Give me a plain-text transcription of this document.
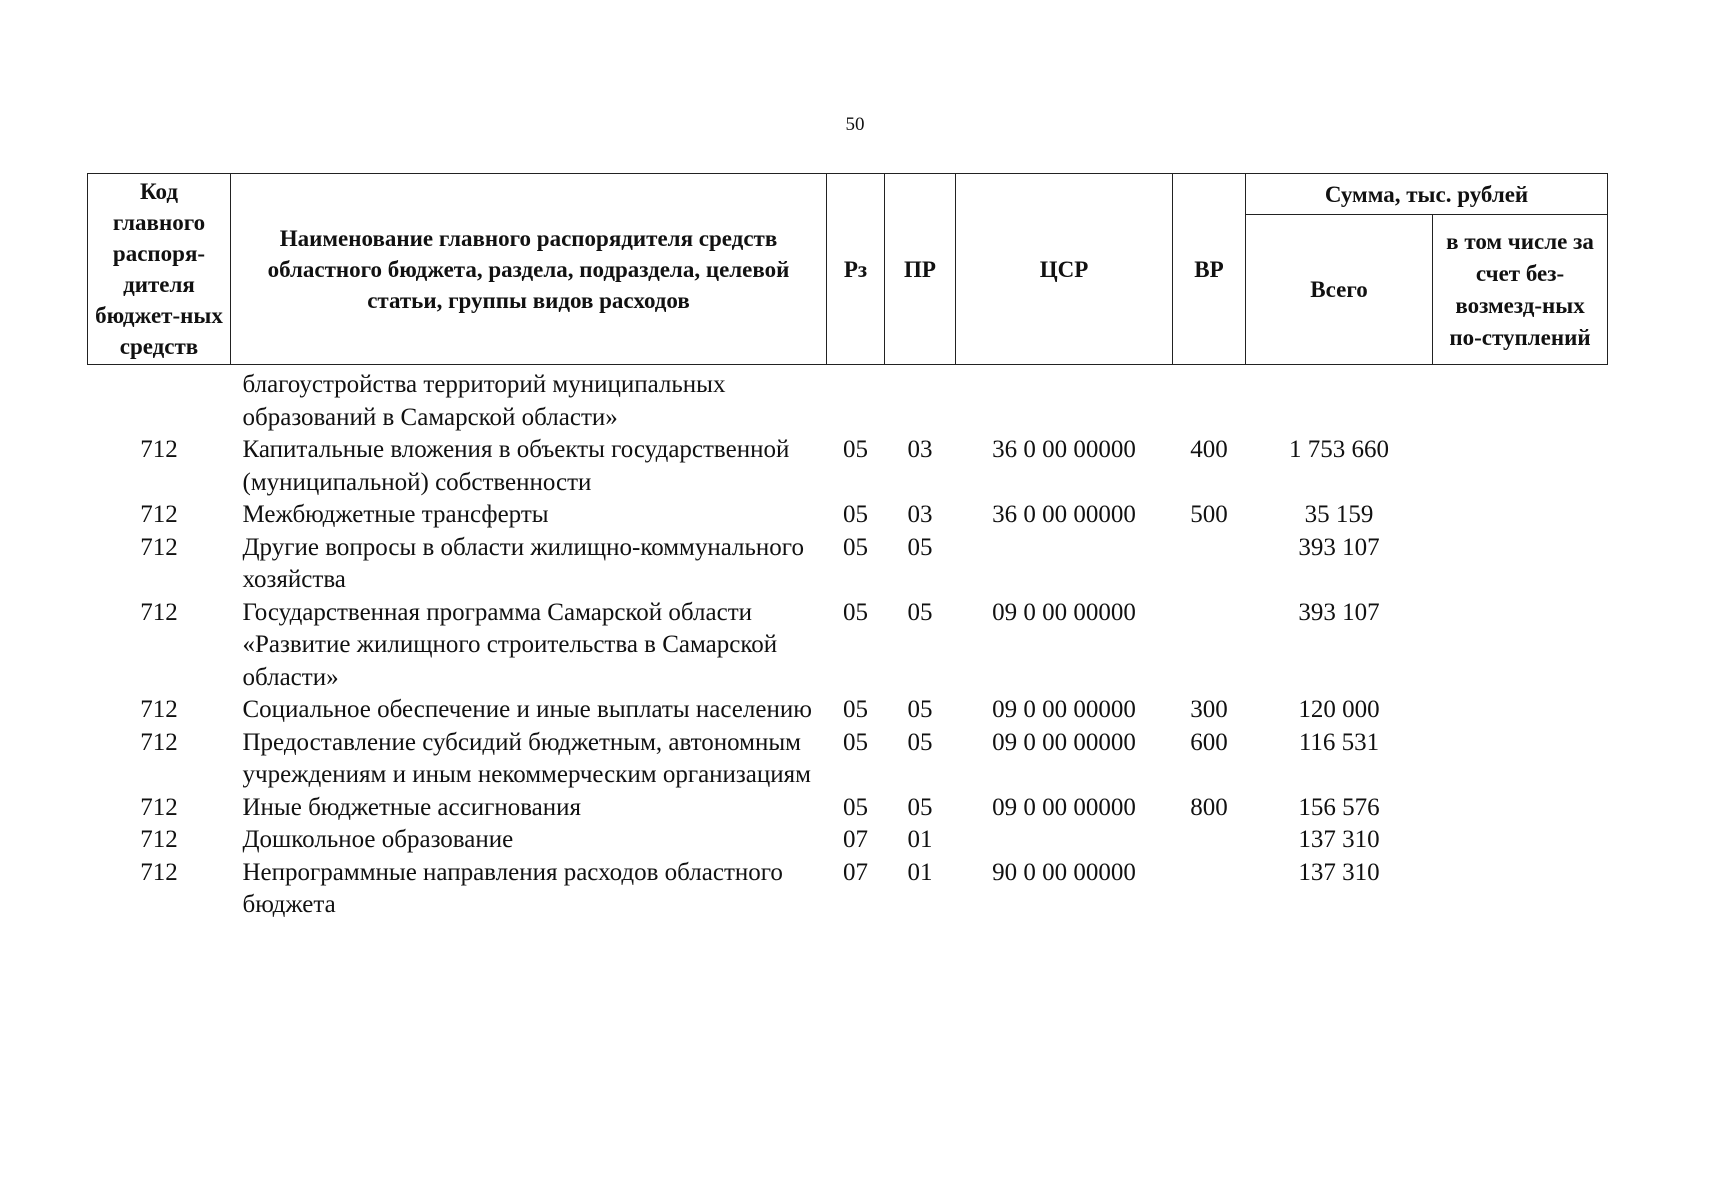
50
Код главного распоря-дителя бюджет-ных средств	Наименование главного распорядителя средств областного бюджета, раздела, подраздела, целевой статьи, группы видов расходов	Рз	ПР	ЦСР	ВР	Сумма, тыс. рублей	
						Всего	в том числе за счет без-возмезд-ных по-ступлений
	благоустройства территорий муниципальных образований в Самарской области»						
712	Капитальные вложения в объекты государственной (муниципальной) собственности	05	03	36 0 00 00000	400	1 753 660	
712	Межбюджетные трансферты	05	03	36 0 00 00000	500	35 159	
712	Другие вопросы в области жилищно-коммунального хозяйства	05	05			393 107	
712	Государственная программа Самарской области «Развитие жилищного строительства в Самарской области»	05	05	09 0 00 00000		393 107	
712	Социальное обеспечение и иные выплаты населению	05	05	09 0 00 00000	300	120 000	
712	Предоставление субсидий бюджетным, автономным учреждениям и иным некоммерческим организациям	05	05	09 0 00 00000	600	116 531	
712	Иные бюджетные ассигнования	05	05	09 0 00 00000	800	156 576	
712	Дошкольное образование	07	01			137 310	
712	Непрограммные направления расходов областного бюджета	07	01	90 0 00 00000		137 310	
